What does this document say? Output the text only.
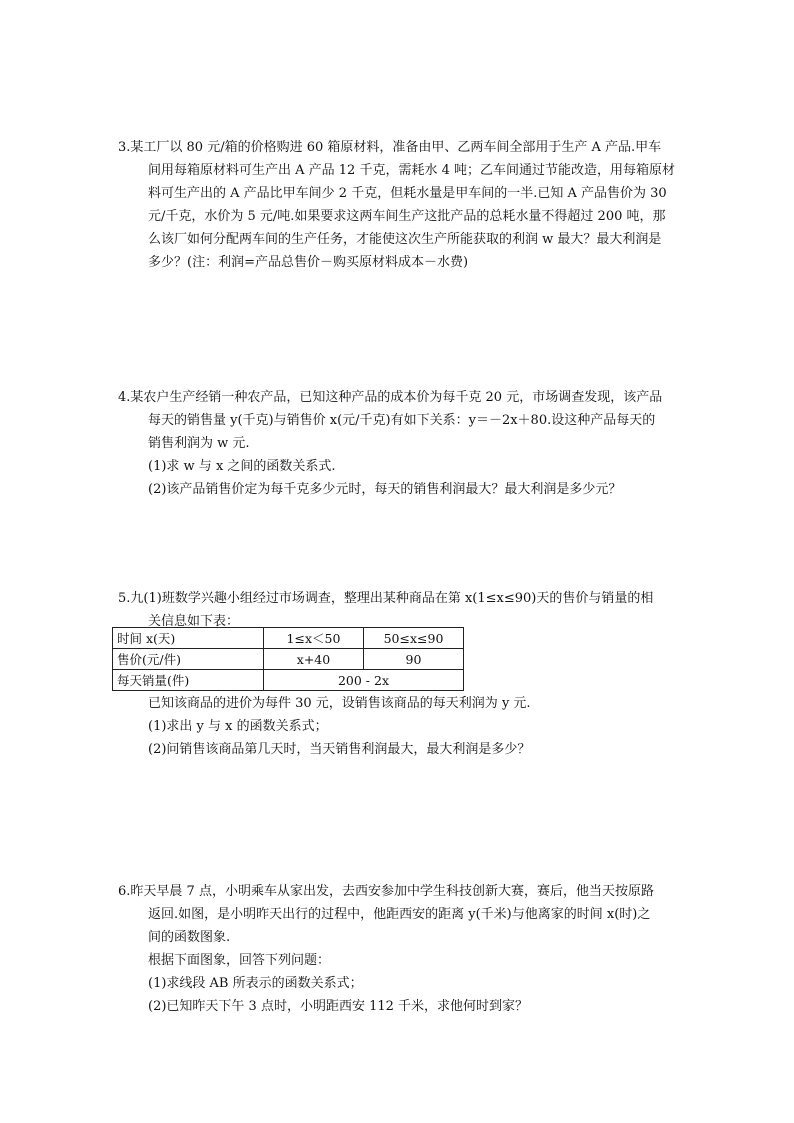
3.某工厂以 80 元/箱的价格购进 60 箱原材料，准备由甲、乙两车间全部用于生产 A 产品.甲车
间用每箱原材料可生产出 A 产品 12 千克，需耗水 4 吨；乙车间通过节能改造，用每箱原材
料可生产出的 A 产品比甲车间少 2 千克，但耗水量是甲车间的一半.已知 A 产品售价为 30
元/千克，水价为 5 元/吨.如果要求这两车间生产这批产品的总耗水量不得超过 200 吨，那
么该厂如何分配两车间的生产任务，才能使这次生产所能获取的利润 w 最大？最大利润是
多少？(注：利润=产品总售价－购买原材料成本－水费)
4.某农户生产经销一种农产品，已知这种产品的成本价为每千克 20 元，市场调查发现，该产品
每天的销售量 y(千克)与销售价 x(元/千克)有如下关系：y＝－2x＋80.设这种产品每天的
销售利润为 w 元.
(1)求 w 与 x 之间的函数关系式.
(2)该产品销售价定为每千克多少元时，每天的销售利润最大？最大利润是多少元？
5.九(1)班数学兴趣小组经过市场调查，整理出某种商品在第 x(1≤x≤90)天的售价与销量的相
关信息如下表：
时间 x(天)	1≤x＜50	50≤x≤90
售价(元/件)	x+40	90
每天销量(件)	200 - 2x	
已知该商品的进价为每件 30 元，设销售该商品的每天利润为 y 元.
(1)求出 y 与 x 的函数关系式；
(2)问销售该商品第几天时，当天销售利润最大，最大利润是多少？
6.昨天早晨 7 点，小明乘车从家出发，去西安参加中学生科技创新大赛，赛后，他当天按原路
返回.如图，是小明昨天出行的过程中，他距西安的距离 y(千米)与他离家的时间 x(时)之
间的函数图象.
根据下面图象，回答下列问题：
(1)求线段 AB 所表示的函数关系式；
(2)已知昨天下午 3 点时，小明距西安 112 千米，求他何时到家？
